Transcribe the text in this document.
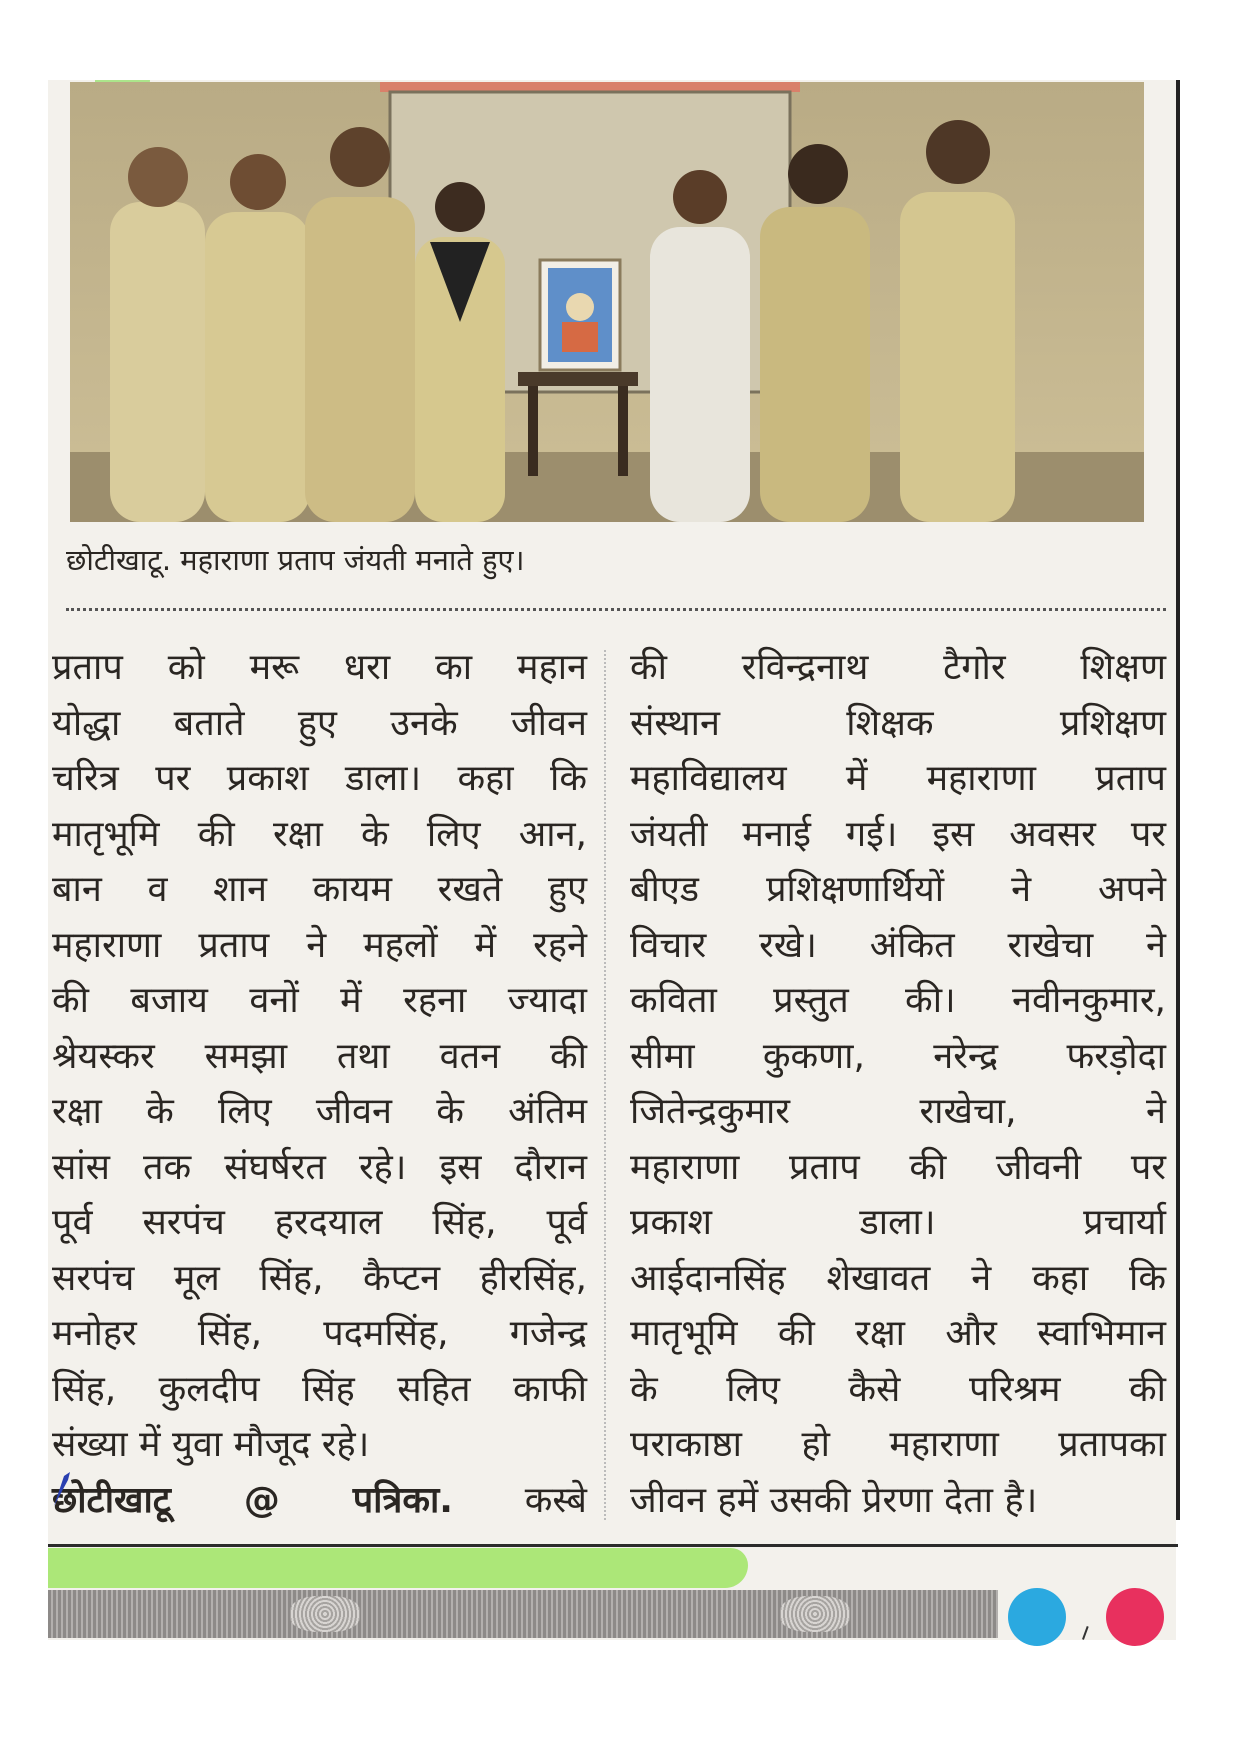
छोटीखाटू. महाराणा प्रताप जंयती मनाते हुए।
प्रताप को मरू धरा का महान
योद्धा बताते हुए उनके जीवन
चरित्र पर प्रकाश डाला। कहा कि
मातृभूमि की रक्षा के लिए आन,
बान व शान कायम रखते हुए
महाराणा प्रताप ने महलों में रहने
की बजाय वनों में रहना ज्यादा
श्रेयस्कर समझा तथा वतन की
रक्षा के लिए जीवन के अंतिम
सांस तक संघर्षरत रहे। इस दौरान
पूर्व सरपंच हरदयाल सिंह, पूर्व
सरपंच मूल सिंह, कैप्टन हीरसिंह,
मनोहर सिंह, पदमसिंह, गजेन्द्र
सिंह, कुलदीप सिंह सहित काफी
संख्या में युवा मौजूद रहे।
छोटीखाटू @ पत्रिका. कस्बे
की रविन्द्रनाथ टैगोर शिक्षण
संस्थान शिक्षक प्रशिक्षण
महाविद्यालय में महाराणा प्रताप
जंयती मनाई गई। इस अवसर पर
बीएड प्रशिक्षणार्थियों ने अपने
विचार रखे। अंकित राखेचा ने
कविता प्रस्तुत की। नवीनकुमार,
सीमा कुकणा, नरेन्द्र फरड़ोदा
जितेन्द्रकुमार राखेचा, ने
महाराणा प्रताप की जीवनी पर
प्रकाश डाला। प्रचार्या
आईदानसिंह शेखावत ने कहा कि
मातृभूमि की रक्षा और स्वाभिमान
के लिए कैसे परिश्रम की
पराकाष्ठा हो महाराणा प्रतापका
जीवन हमें उसकी प्रेरणा देता है।
